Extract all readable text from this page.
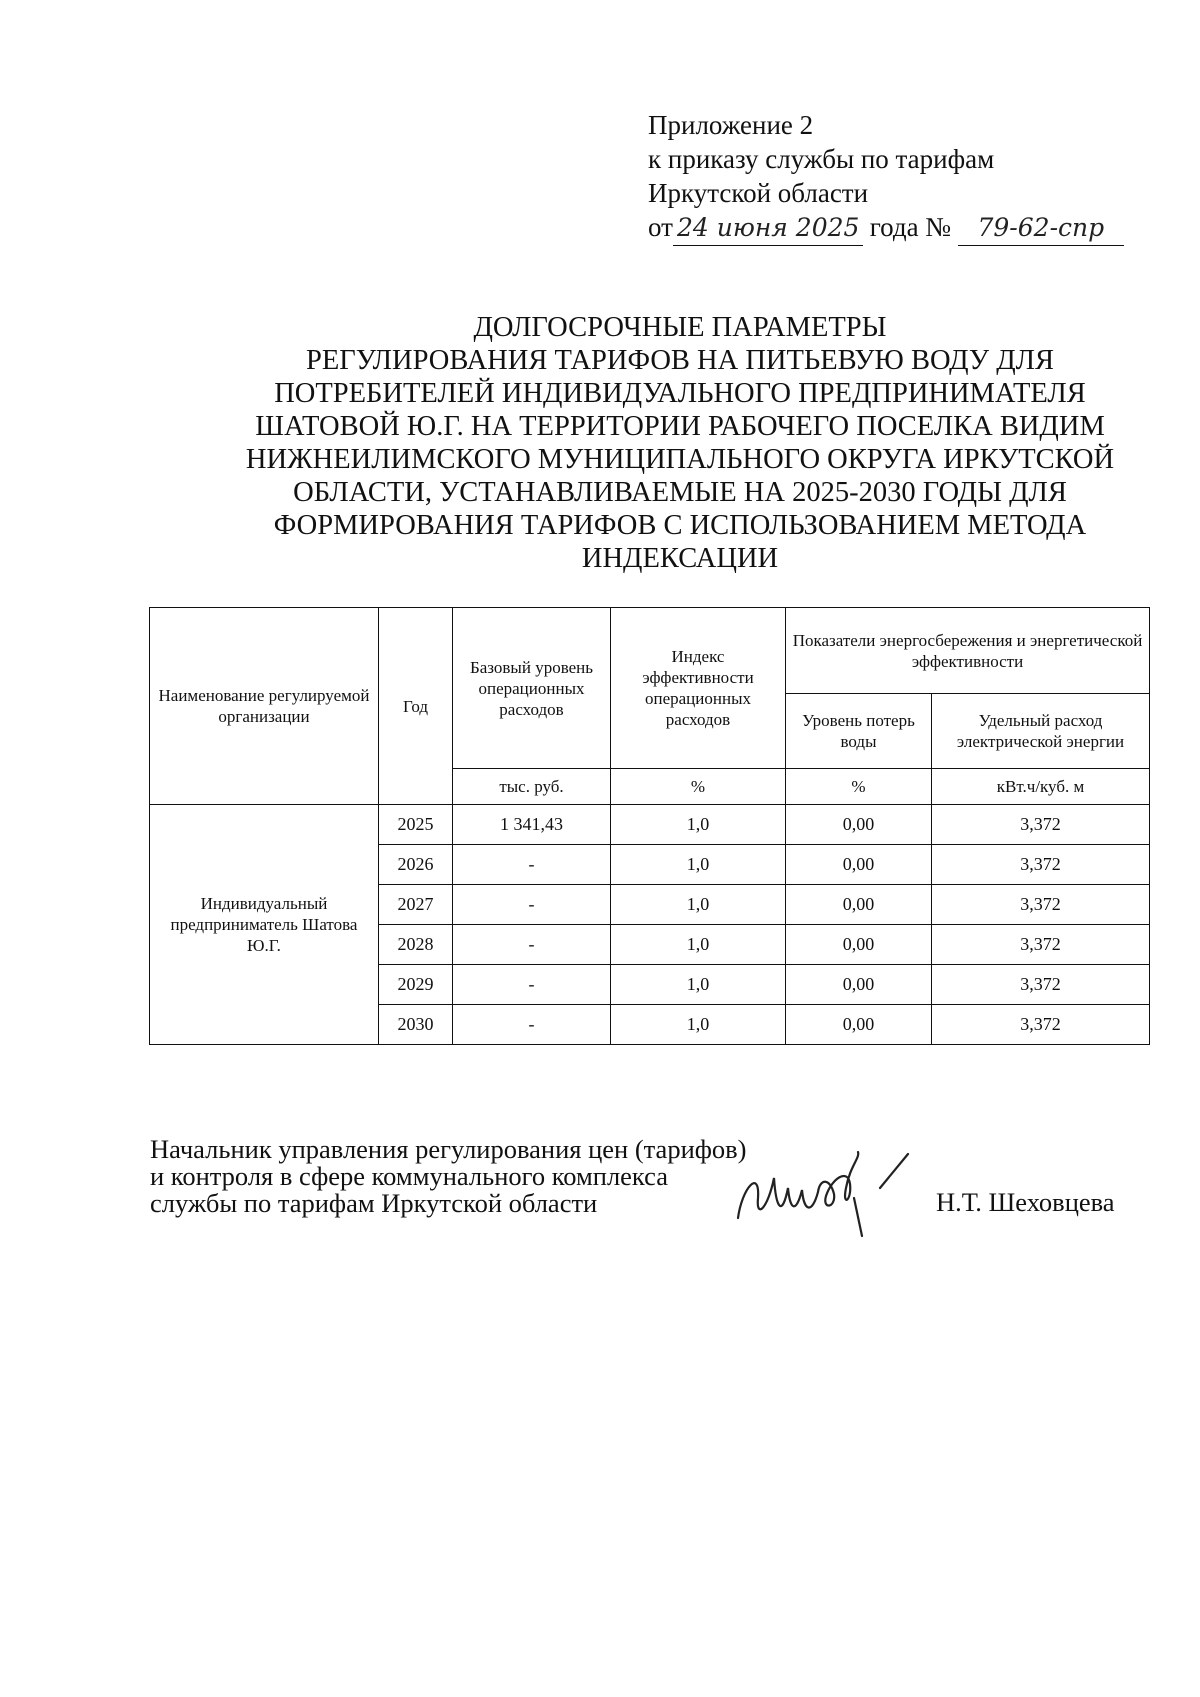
Приложение 2
к приказу службы по тарифам
Иркутской области
от 24 июня 2025 года № 79-62-спр
ДОЛГОСРОЧНЫЕ ПАРАМЕТРЫ
РЕГУЛИРОВАНИЯ ТАРИФОВ НА ПИТЬЕВУЮ ВОДУ ДЛЯ
ПОТРЕБИТЕЛЕЙ ИНДИВИДУАЛЬНОГО ПРЕДПРИНИМАТЕЛЯ
ШАТОВОЙ Ю.Г. НА ТЕРРИТОРИИ РАБОЧЕГО ПОСЕЛКА ВИДИМ
НИЖНЕИЛИМСКОГО МУНИЦИПАЛЬНОГО ОКРУГА ИРКУТСКОЙ
ОБЛАСТИ, УСТАНАВЛИВАЕМЫЕ НА 2025-2030 ГОДЫ ДЛЯ
ФОРМИРОВАНИЯ ТАРИФОВ С ИСПОЛЬЗОВАНИЕМ МЕТОДА
ИНДЕКСАЦИИ
Наименование регулируемой организации	Год	Базовый уровень операционных расходов	Индекс эффективности операционных расходов	Показатели энергосбережения и энергетической эффективности	
				Уровень потерь воды	Удельный расход электрической энергии
		тыс. руб.	%	%	кВт.ч/куб. м
Индивидуальный предприниматель Шатова Ю.Г.	2025	1 341,43	1,0	0,00	3,372
	2026	-	1,0	0,00	3,372
	2027	-	1,0	0,00	3,372
	2028	-	1,0	0,00	3,372
	2029	-	1,0	0,00	3,372
	2030	-	1,0	0,00	3,372
Начальник управления регулирования цен (тарифов)
и контроля в сфере коммунального комплекса
службы по тарифам Иркутской области	Н.Т. Шеховцева
